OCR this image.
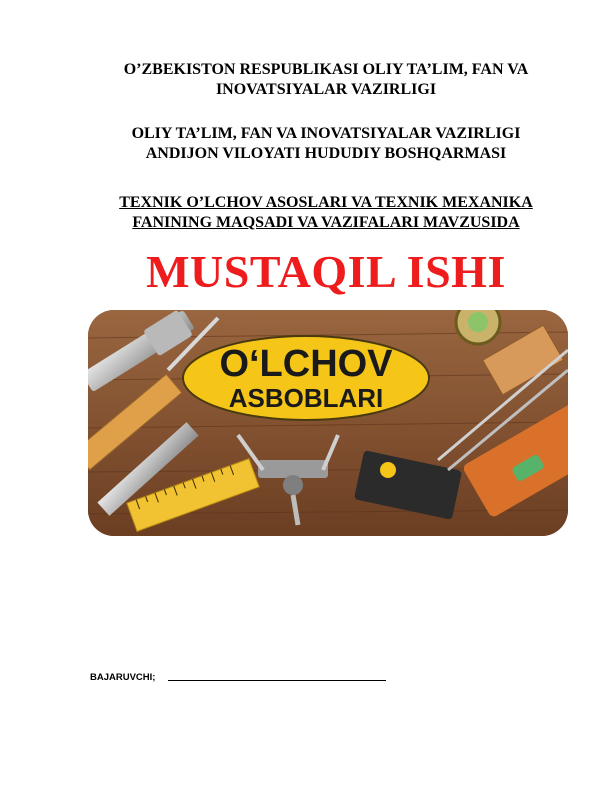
O’ZBEKISTON RESPUBLIKASI OLIY TA’LIM, FAN VA
INOVATSIYALAR VAZIRLIGI
OLIY TA’LIM, FAN VA INOVATSIYALAR VAZIRLIGI
ANDIJON VILOYATI HUDUDIY BOSHQARMASI
TEXNIK O’LCHOV ASOSLARI VA TEXNIK MEXANIKA
FANINING MAQSADI VA VAZIFALARI MAVZUSIDA
MUSTAQIL ISHI
O‘LCHOV
ASBOBLARI
BAJARUVCHI;
